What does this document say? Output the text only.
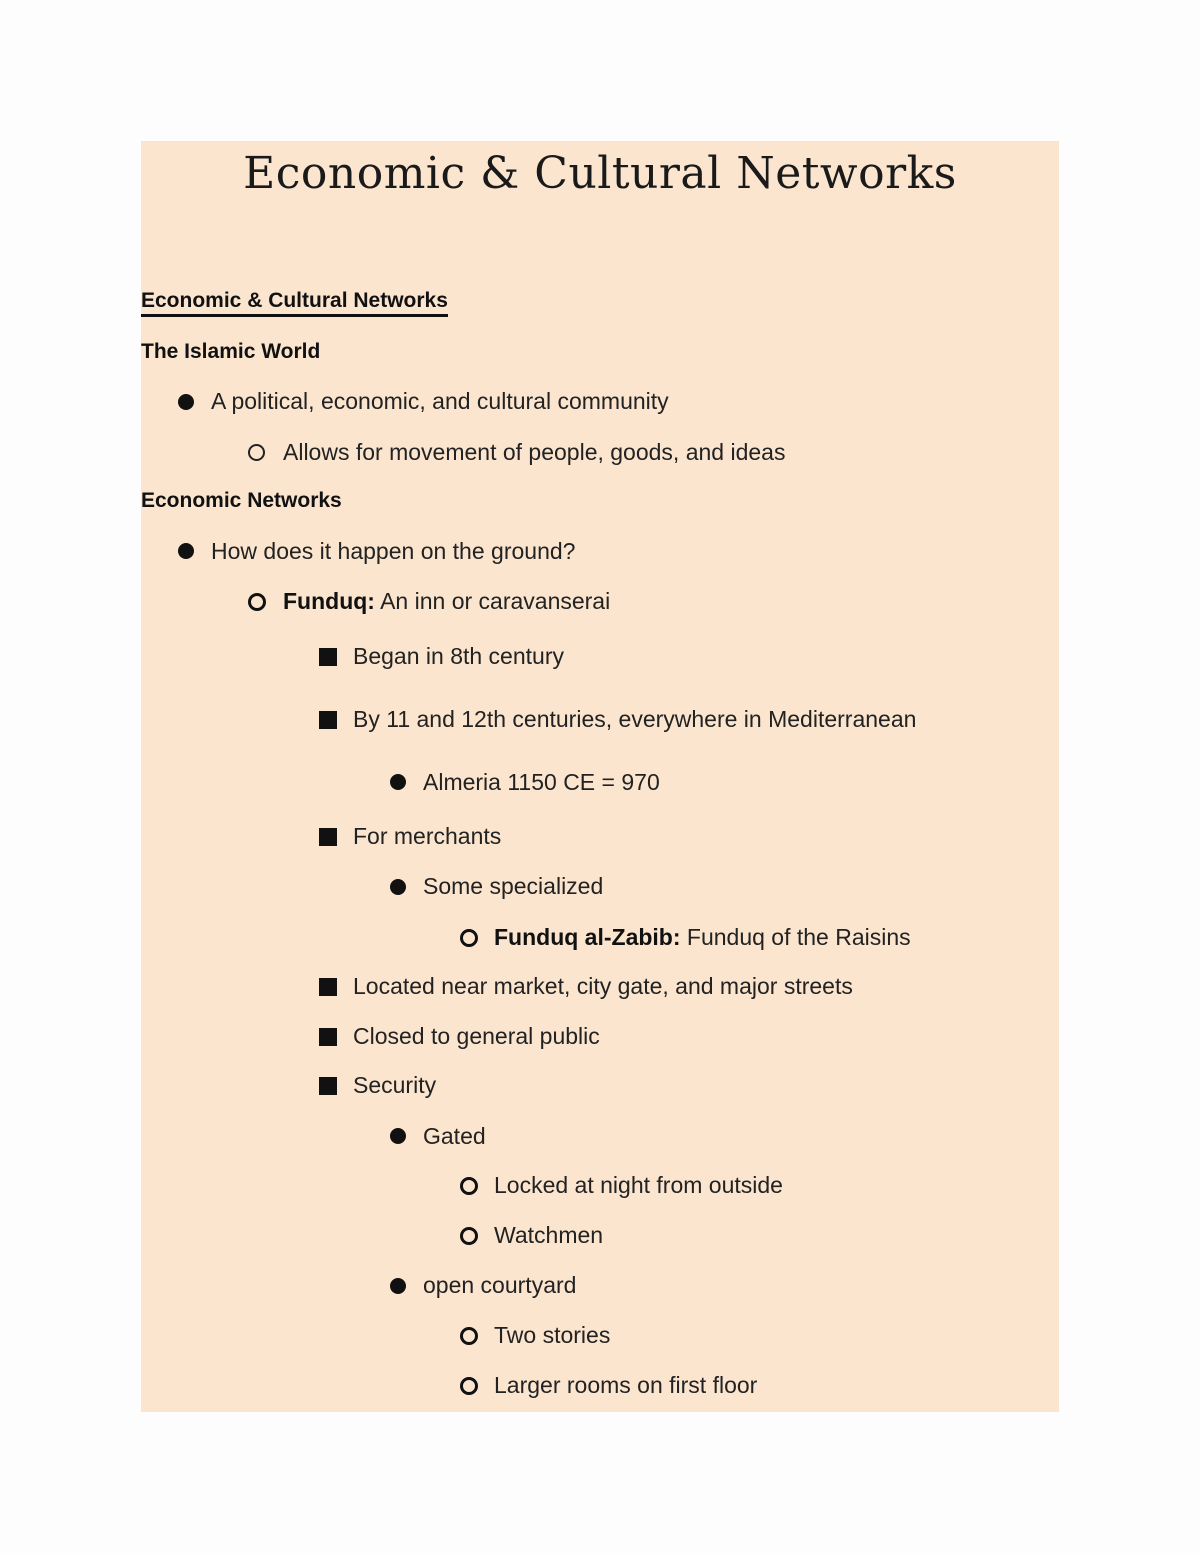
Economic & Cultural Networks
Economic & Cultural Networks
The Islamic World
A political, economic, and cultural community
Allows for movement of people, goods, and ideas
Economic Networks
How does it happen on the ground?
Funduq: An inn or caravanserai
Began in 8th century
By 11 and 12th centuries, everywhere in Mediterranean
Almeria 1150 CE = 970
For merchants
Some specialized
Funduq al-Zabib: Funduq of the Raisins
Located near market, city gate, and major streets
Closed to general public
Security
Gated
Locked at night from outside
Watchmen
open courtyard
Two stories
Larger rooms on first floor
